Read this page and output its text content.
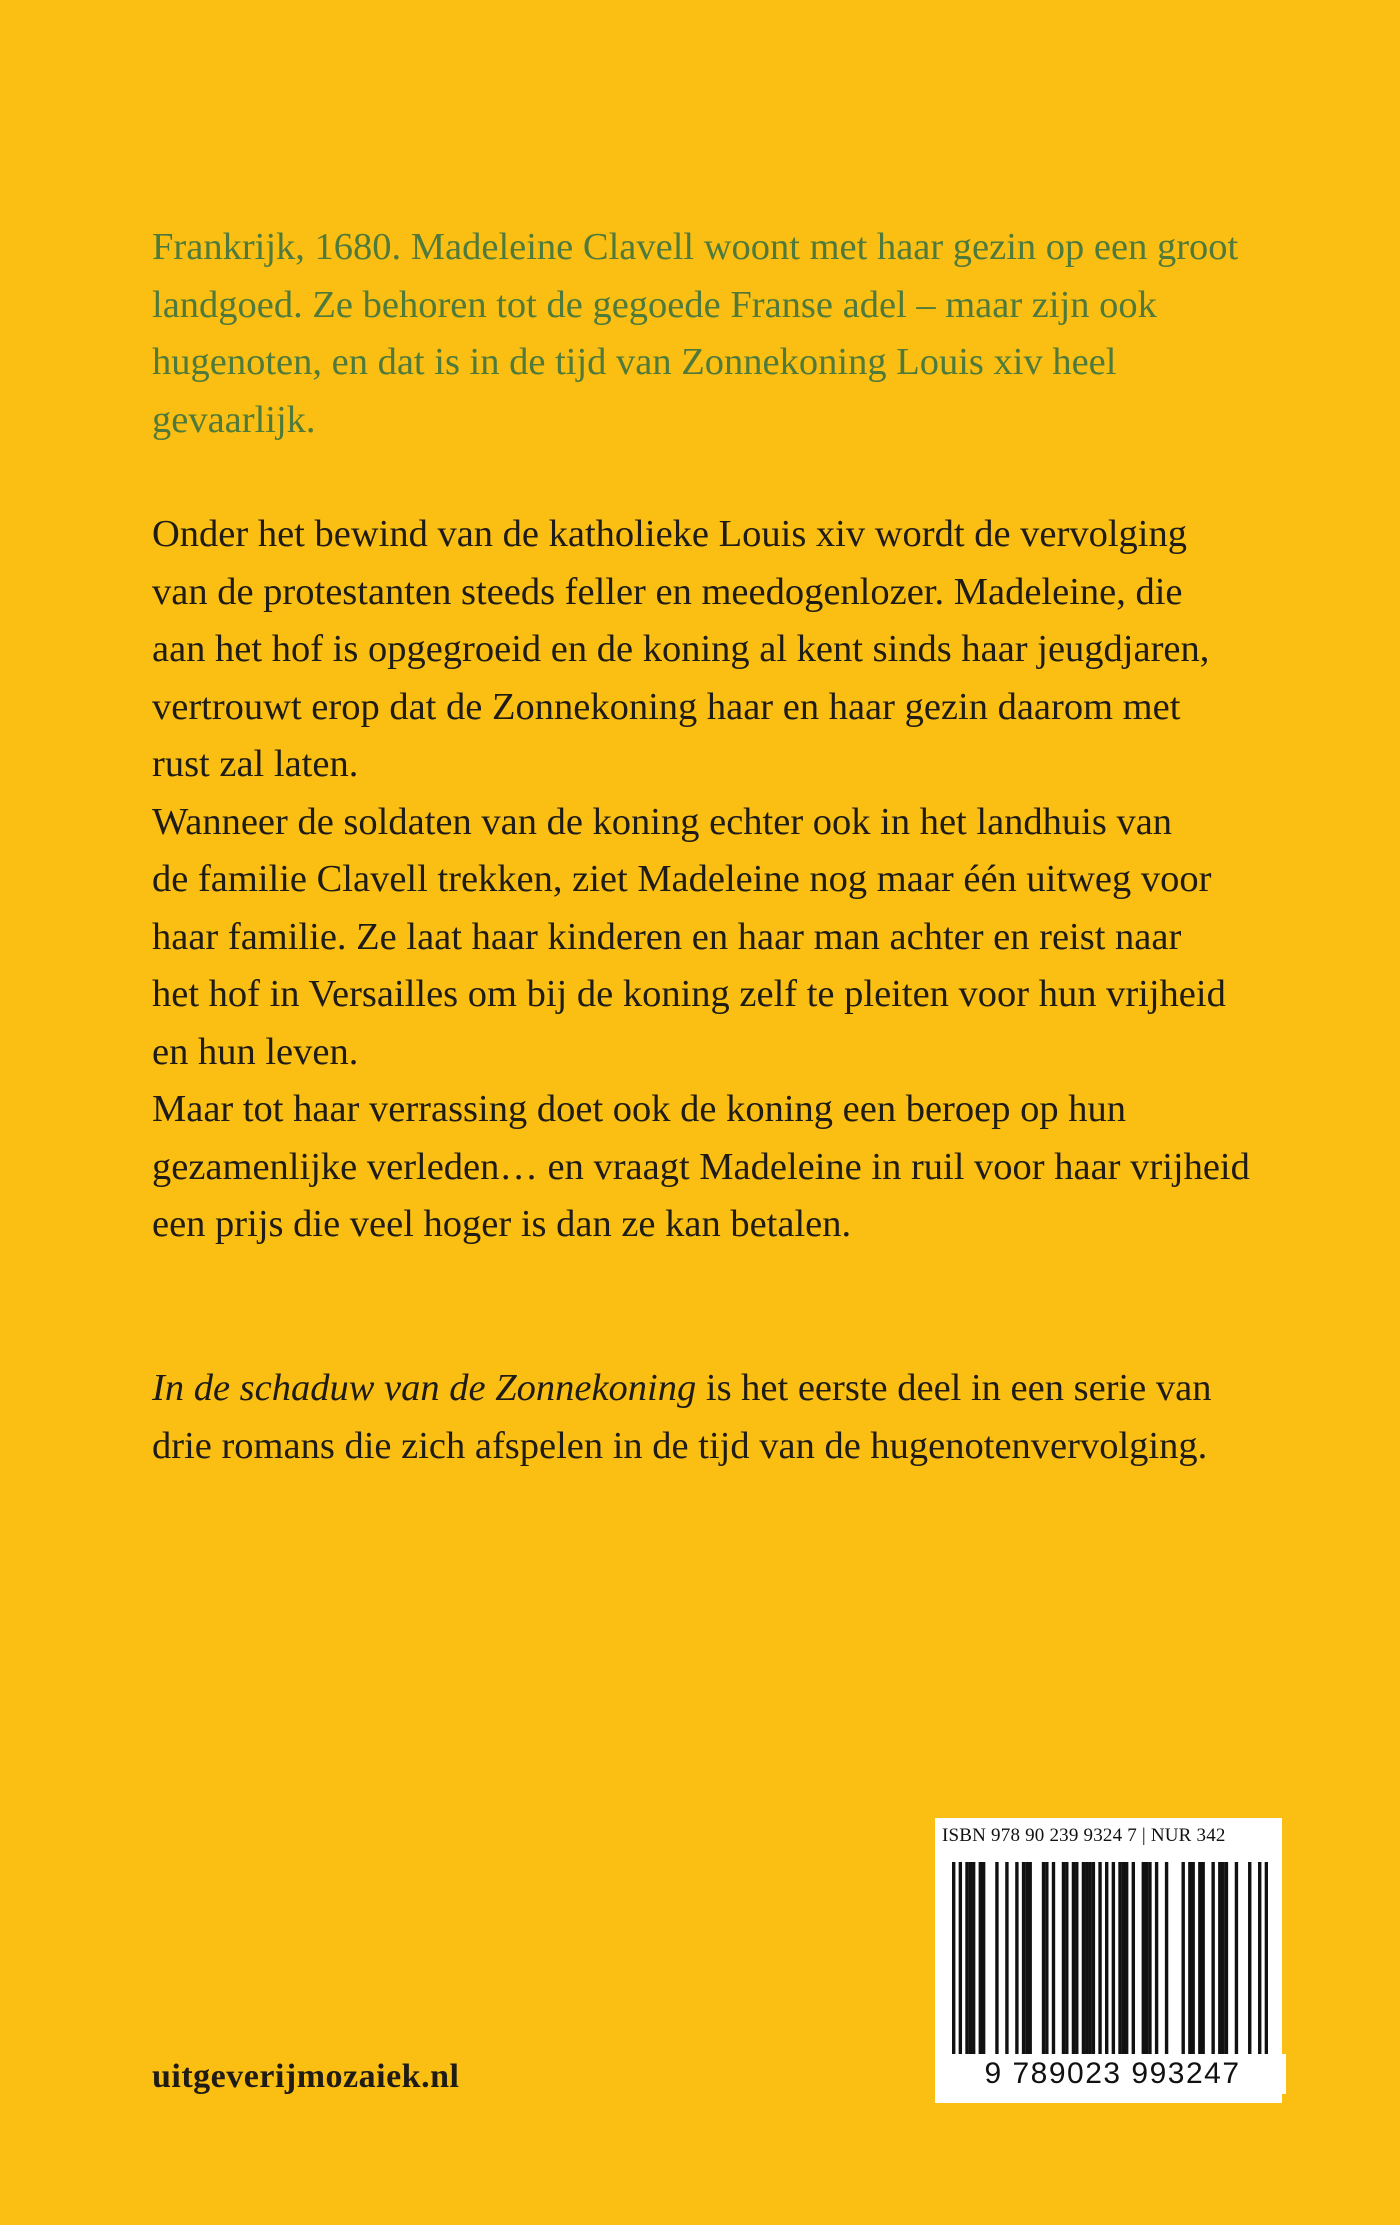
Frankrijk, 1680. Madeleine Clavell woont met haar gezin op een groot
landgoed. Ze behoren tot de gegoede Franse adel – maar zijn ook
hugenoten, en dat is in de tijd van Zonnekoning Louis xiv heel
gevaarlijk.

Onder het bewind van de katholieke Louis xiv wordt de vervolging
van de protestanten steeds feller en meedogenlozer. Madeleine, die
aan het hof is opgegroeid en de koning al kent sinds haar jeugdjaren,
vertrouwt erop dat de Zonnekoning haar en haar gezin daarom met
rust zal laten.
Wanneer de soldaten van de koning echter ook in het landhuis van
de familie Clavell trekken, ziet Madeleine nog maar één uitweg voor
haar familie. Ze laat haar kinderen en haar man achter en reist naar
het hof in Versailles om bij de koning zelf te pleiten voor hun vrijheid
en hun leven.
Maar tot haar verrassing doet ook de koning een beroep op hun
gezamenlijke verleden… en vraagt Madeleine in ruil voor haar vrijheid
een prijs die veel hoger is dan ze kan betalen.

In de schaduw van de Zonnekoning is het eerste deel in een serie van
drie romans die zich afspelen in de tijd van de hugenotenvervolging.

ISBN 978 90 239 9324 7 | NUR 342
9 789023 993247
uitgeverijmozaiek.nl
